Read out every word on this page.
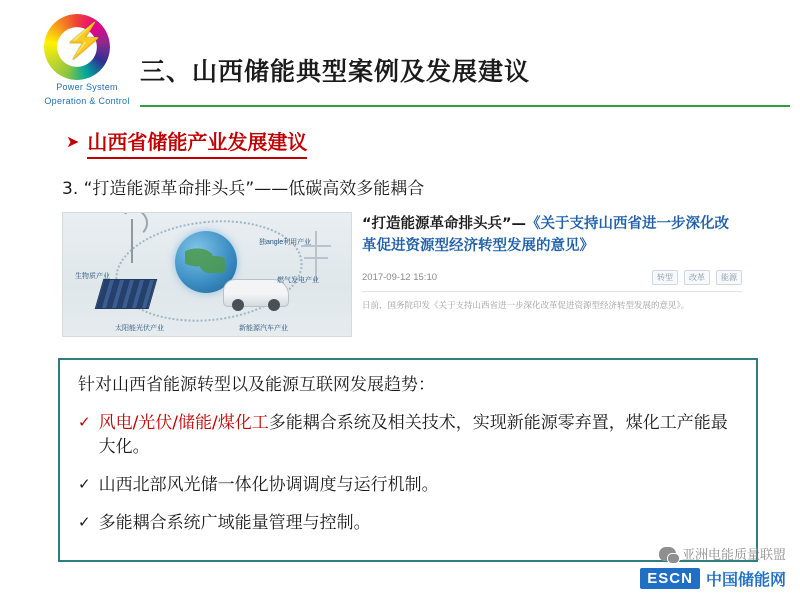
⚡
Power System
Operation & Control
三、山西储能典型案例及发展建议
➤ 山西省储能产业发展建议
3. “打造能源革命排头兵”——低碳高效多能耦合
生物质产业
独angle利用产业
燃气发电产业
太阳能光伏产业	新能源汽车产业
“打造能源革命排头兵”—《关于支持山西省进一步深化改革促进资源型经济转型发展的意见》
2017-09-12 15:10	转型	改革	能源
日前，国务院印发《关于支持山西省进一步深化改革促进资源型经济转型发展的意见》。
针对山西省能源转型以及能源互联网发展趋势：
✓ 风电/光伏/储能/煤化工多能耦合系统及相关技术，实现新能源零弃置，煤化工产能最大化。
✓ 山西北部风光储一体化协调调度与运行机制。
✓ 多能耦合系统广域能量管理与控制。
亚洲电能质量联盟
ESCN 中国储能网
